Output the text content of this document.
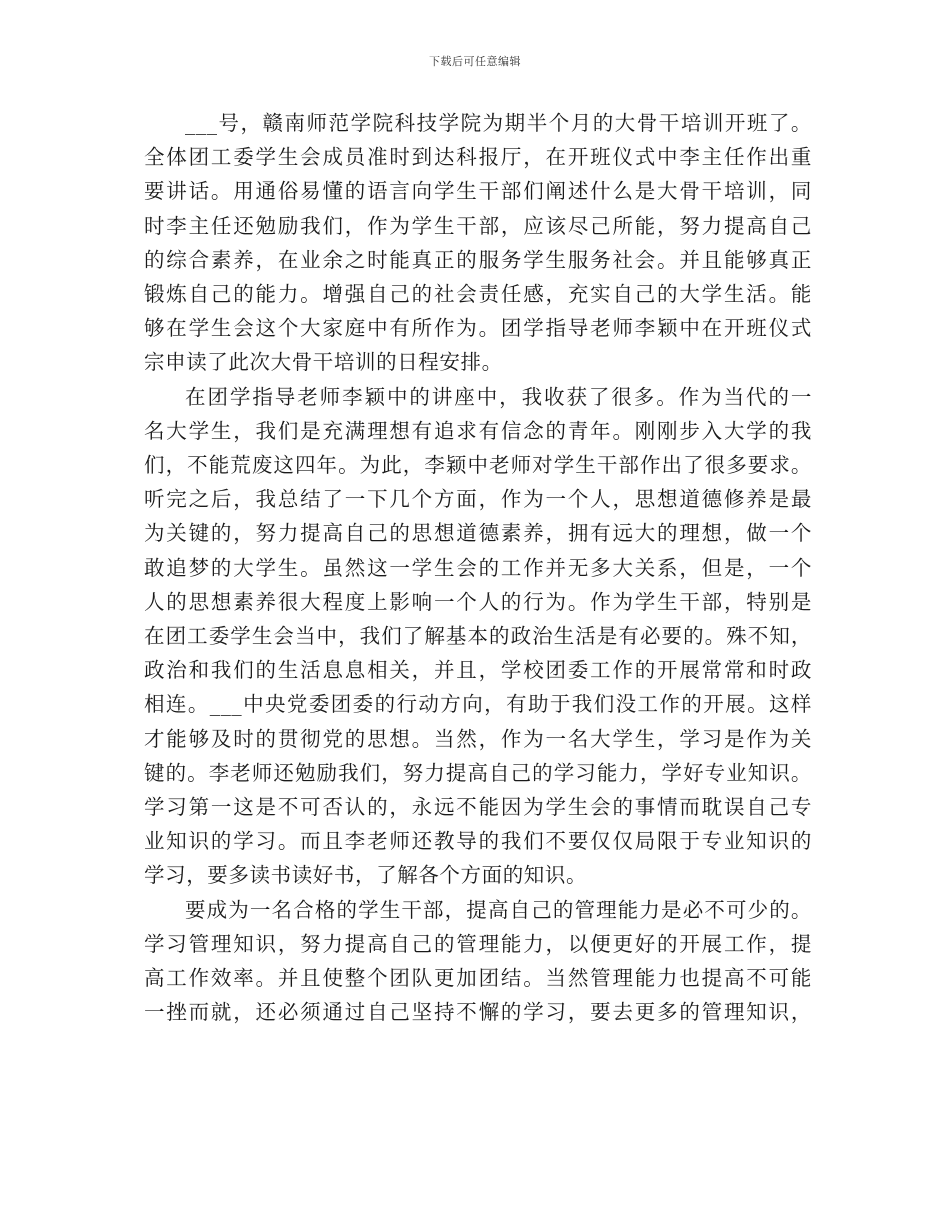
下载后可任意编辑

___号，赣南师范学院科技学院为期半个月的大骨干培训开班了。
全体团工委学生会成员准时到达科报厅，在开班仪式中李主任作出重
要讲话。用通俗易懂的语言向学生干部们阐述什么是大骨干培训，同
时李主任还勉励我们，作为学生干部，应该尽己所能，努力提高自己
的综合素养，在业余之时能真正的服务学生服务社会。并且能够真正
锻炼自己的能力。增强自己的社会责任感，充实自己的大学生活。能
够在学生会这个大家庭中有所作为。团学指导老师李颖中在开班仪式
宗申读了此次大骨干培训的日程安排。

在团学指导老师李颖中的讲座中，我收获了很多。作为当代的一
名大学生，我们是充满理想有追求有信念的青年。刚刚步入大学的我
们，不能荒废这四年。为此，李颖中老师对学生干部作出了很多要求。
听完之后，我总结了一下几个方面，作为一个人，思想道德修养是最
为关键的，努力提高自己的思想道德素养，拥有远大的理想，做一个
敢追梦的大学生。虽然这一学生会的工作并无多大关系，但是，一个
人的思想素养很大程度上影响一个人的行为。作为学生干部，特别是
在团工委学生会当中，我们了解基本的政治生活是有必要的。殊不知，
政治和我们的生活息息相关，并且，学校团委工作的开展常常和时政
相连。___中央党委团委的行动方向，有助于我们没工作的开展。这样
才能够及时的贯彻党的思想。当然，作为一名大学生，学习是作为关
键的。李老师还勉励我们，努力提高自己的学习能力，学好专业知识。
学习第一这是不可否认的，永远不能因为学生会的事情而耽误自己专
业知识的学习。而且李老师还教导的我们不要仅仅局限于专业知识的
学习，要多读书读好书，了解各个方面的知识。

要成为一名合格的学生干部，提高自己的管理能力是必不可少的。
学习管理知识，努力提高自己的管理能力，以便更好的开展工作，提
高工作效率。并且使整个团队更加团结。当然管理能力也提高不可能
一挫而就，还必须通过自己坚持不懈的学习，要去更多的管理知识，
